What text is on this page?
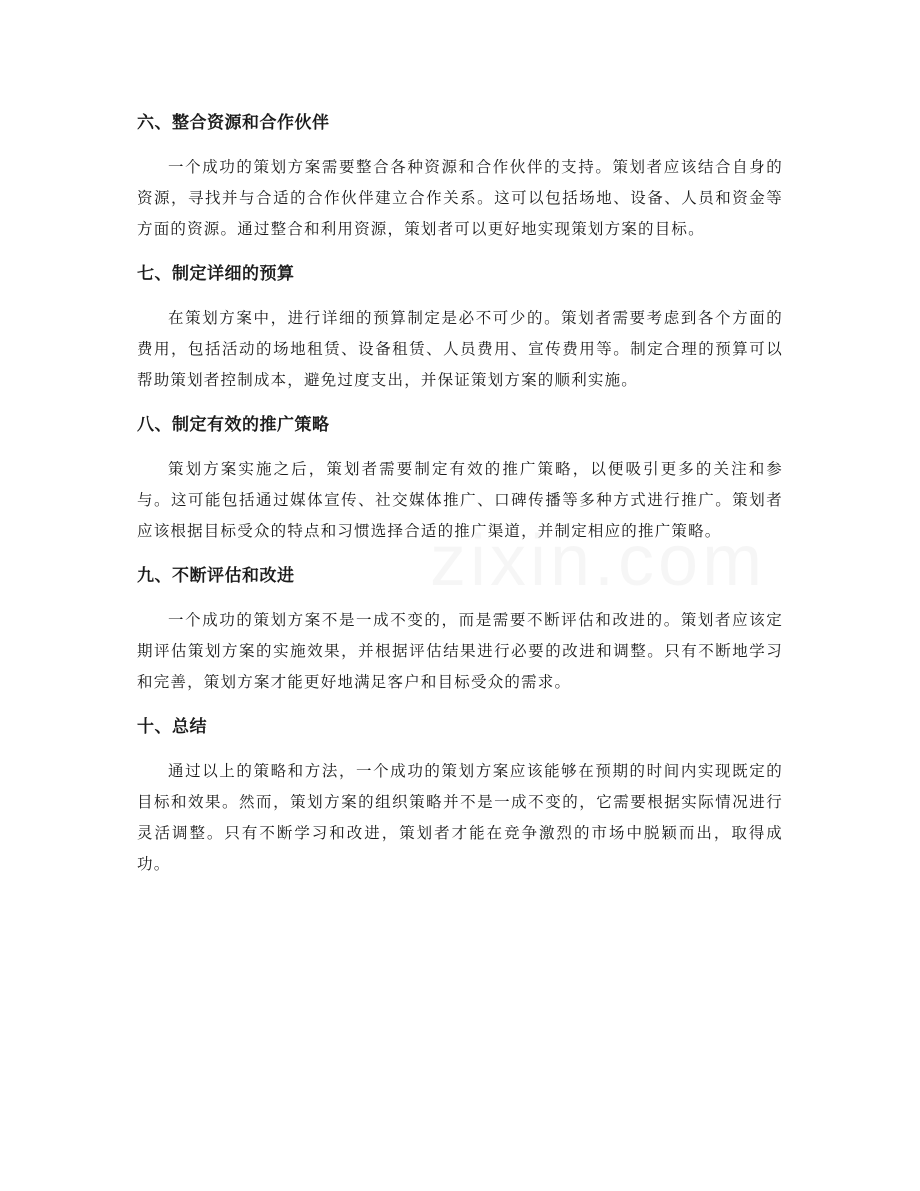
六、整合资源和合作伙伴

一个成功的策划方案需要整合各种资源和合作伙伴的支持。策划者应该结合自身的资源，寻找并与合适的合作伙伴建立合作关系。这可以包括场地、设备、人员和资金等方面的资源。通过整合和利用资源，策划者可以更好地实现策划方案的目标。

七、制定详细的预算

在策划方案中，进行详细的预算制定是必不可少的。策划者需要考虑到各个方面的费用，包括活动的场地租赁、设备租赁、人员费用、宣传费用等。制定合理的预算可以帮助策划者控制成本，避免过度支出，并保证策划方案的顺利实施。

八、制定有效的推广策略

策划方案实施之后，策划者需要制定有效的推广策略，以便吸引更多的关注和参与。这可能包括通过媒体宣传、社交媒体推广、口碑传播等多种方式进行推广。策划者应该根据目标受众的特点和习惯选择合适的推广渠道，并制定相应的推广策略。

九、不断评估和改进

一个成功的策划方案不是一成不变的，而是需要不断评估和改进的。策划者应该定期评估策划方案的实施效果，并根据评估结果进行必要的改进和调整。只有不断地学习和完善，策划方案才能更好地满足客户和目标受众的需求。

十、总结

通过以上的策略和方法，一个成功的策划方案应该能够在预期的时间内实现既定的目标和效果。然而，策划方案的组织策略并不是一成不变的，它需要根据实际情况进行灵活调整。只有不断学习和改进，策划者才能在竞争激烈的市场中脱颖而出，取得成功。
